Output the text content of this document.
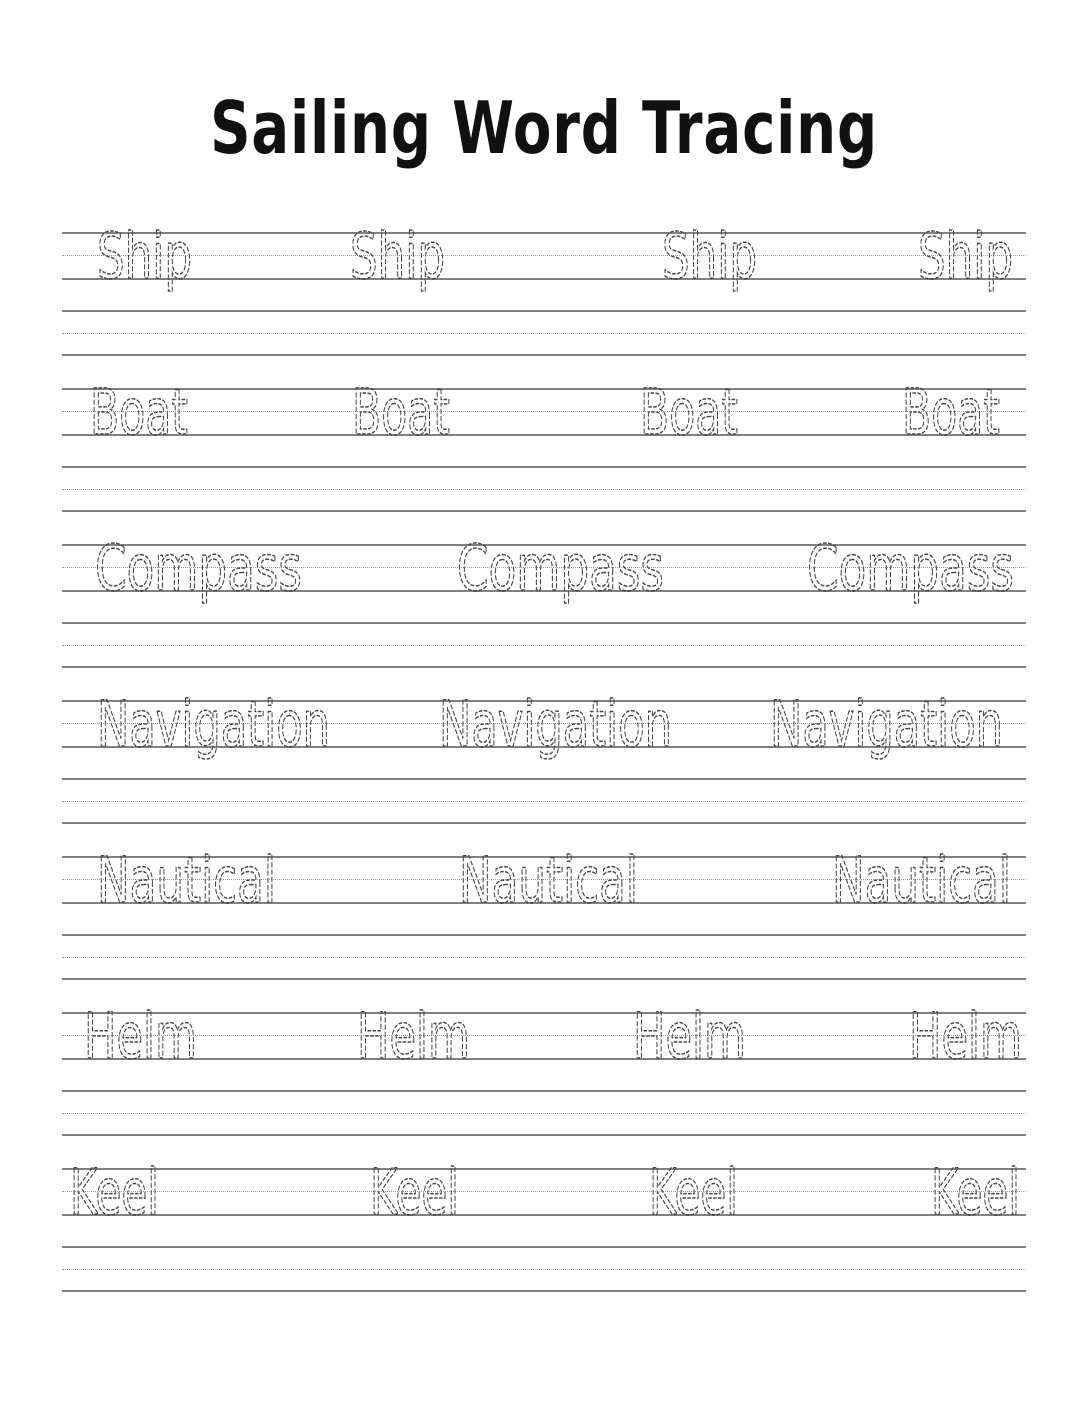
Sailing Word Tracing
Ship	Ship	Ship	Ship
Boat	Boat	Boat	Boat
Compass Compass Compass
Navigation Navigation Navigation
Nautical	Nautical	Nautical
Helm	Helm	Helm	Helm
Keel	Keel	Keel	Keel
